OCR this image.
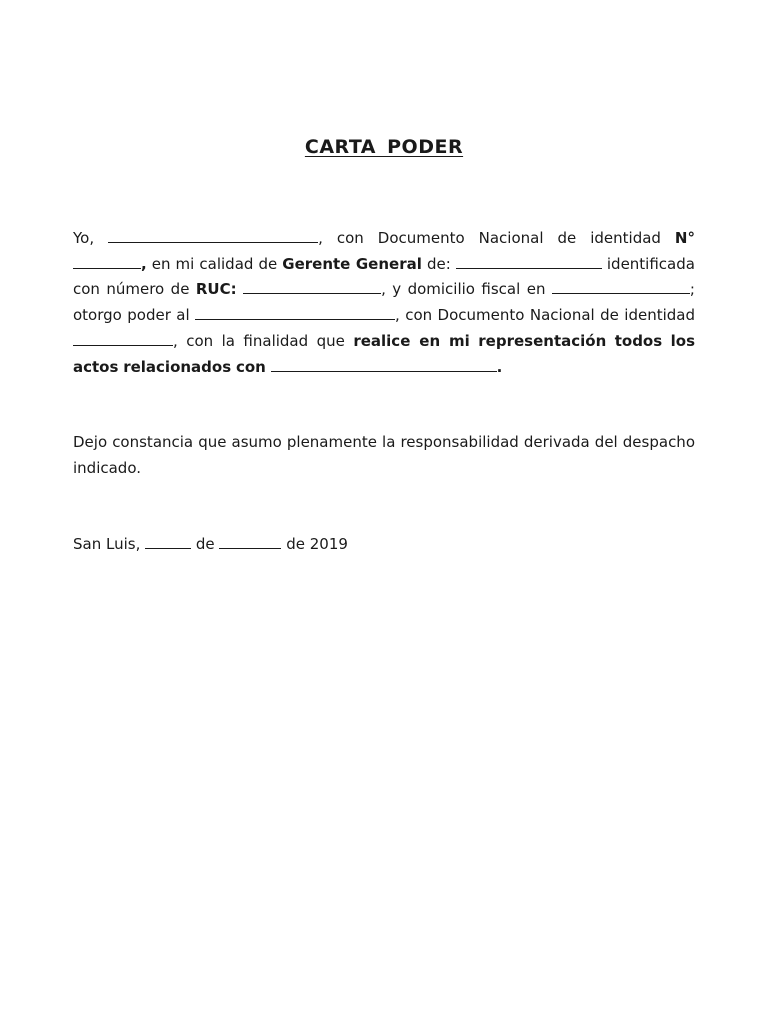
CARTA PODER
Yo,	, con Documento Nacional de identidad N° , en mi calidad de Gerente General de:	identificada con número de RUC:	, y domicilio fiscal en	; otorgo poder al	, con Documento Nacional de identidad , con la finalidad que realice en mi representación todos los actos relacionados con	.
Dejo constancia que asumo plenamente la responsabilidad derivada del despacho indicado.
San Luis,	de	de 2019
